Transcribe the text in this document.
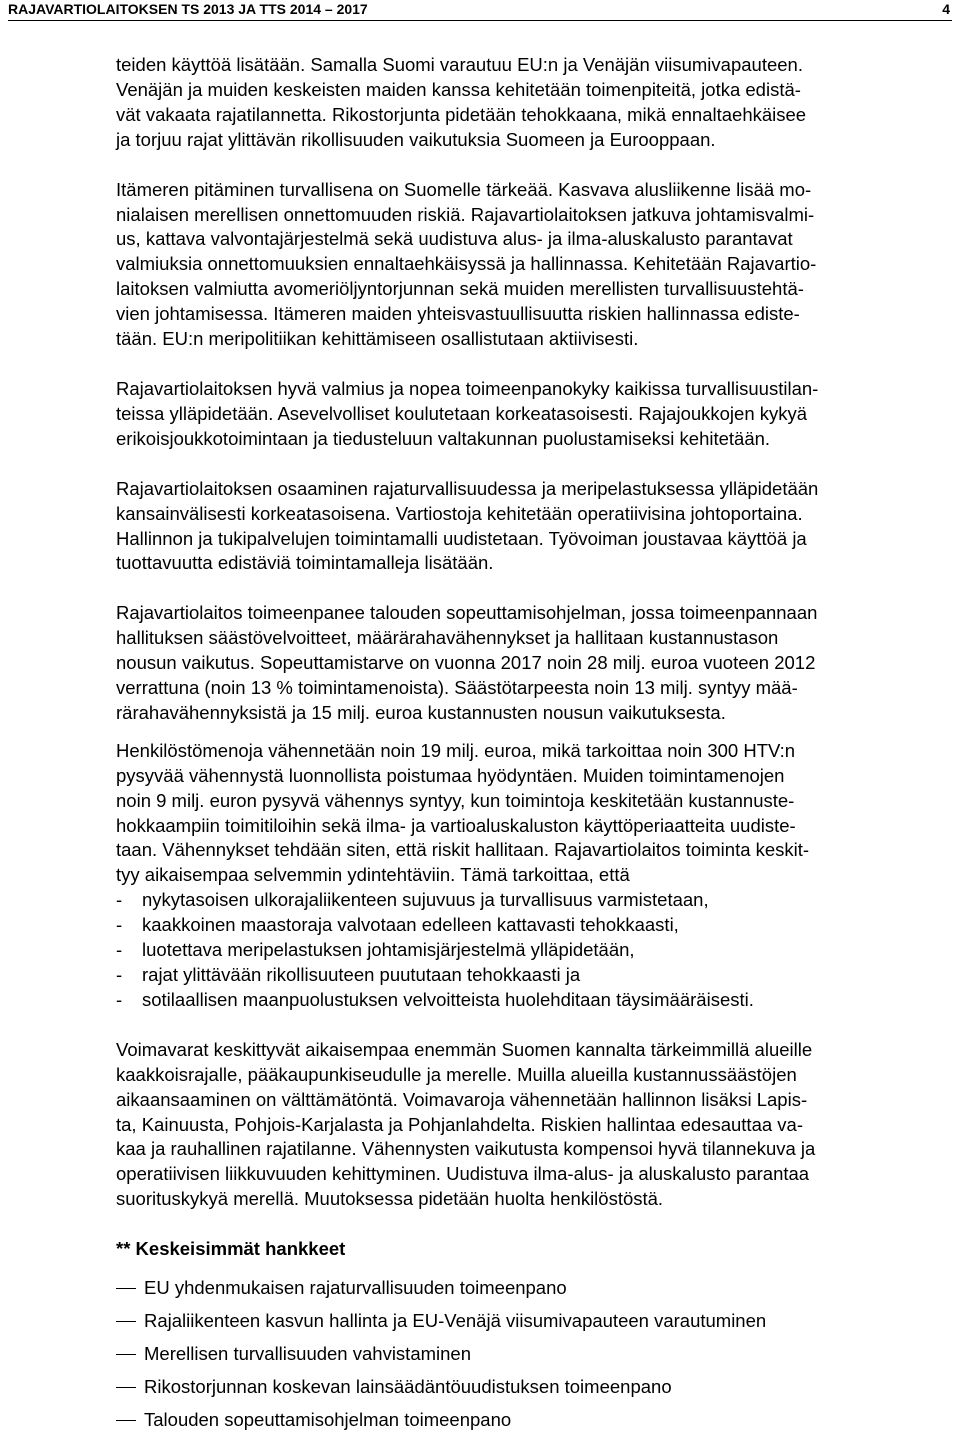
RAJAVARTIOLAITOKSEN TS 2013 JA TTS 2014 – 2017	4

teiden käyttöä lisätään. Samalla Suomi varautuu EU:n ja Venäjän viisumivapauteen.
Venäjän ja muiden keskeisten maiden kanssa kehitetään toimenpiteitä, jotka edistä-
vät vakaata rajatilannetta. Rikostorjunta pidetään tehokkaana, mikä ennaltaehkäisee
ja torjuu rajat ylittävän rikollisuuden vaikutuksia Suomeen ja Eurooppaan.

Itämeren pitäminen turvallisena on Suomelle tärkeää. Kasvava alusliikenne lisää mo-
nialaisen merellisen onnettomuuden riskiä. Rajavartiolaitoksen jatkuva johtamisvalmi-
us, kattava valvontajärjestelmä sekä uudistuva alus- ja ilma-aluskalusto parantavat
valmiuksia onnettomuuksien ennaltaehkäisyssä ja hallinnassa. Kehitetään Rajavartio-
laitoksen valmiutta avomeriöljyntorjunnan sekä muiden merellisten turvallisuustehtä-
vien johtamisessa. Itämeren maiden yhteisvastuullisuutta riskien hallinnassa ediste-
tään. EU:n meripolitiikan kehittämiseen osallistutaan aktiivisesti.

Rajavartiolaitoksen hyvä valmius ja nopea toimeenpanokyky kaikissa turvallisuustilan-
teissa ylläpidetään. Asevelvolliset koulutetaan korkeatasoisesti. Rajajoukkojen kykyä
erikoisjoukkotoimintaan ja tiedusteluun valtakunnan puolustamiseksi kehitetään.

Rajavartiolaitoksen osaaminen rajaturvallisuudessa ja meripelastuksessa ylläpidetään
kansainvälisesti korkeatasoisena. Vartiostoja kehitetään operatiivisina johtoportaina.
Hallinnon ja tukipalvelujen toimintamalli uudistetaan. Työvoiman joustavaa käyttöä ja
tuottavuutta edistäviä toimintamalleja lisätään.

Rajavartiolaitos toimeenpanee talouden sopeuttamisohjelman, jossa toimeenpannaan
hallituksen säästövelvoitteet, määrärahavähennykset ja hallitaan kustannustason
nousun vaikutus. Sopeuttamistarve on vuonna 2017 noin 28 milj. euroa vuoteen 2012
verrattuna (noin 13 % toimintamenoista). Säästötarpeesta noin 13 milj. syntyy mää-
rärahavähennyksistä ja 15 milj. euroa kustannusten nousun vaikutuksesta.

Henkilöstömenoja vähennetään noin 19 milj. euroa, mikä tarkoittaa noin 300 HTV:n
pysyvää vähennystä luonnollista poistumaa hyödyntäen. Muiden toimintamenojen
noin 9 milj. euron pysyvä vähennys syntyy, kun toimintoja keskitetään kustannuste-
hokkaampiin toimitiloihin sekä ilma- ja vartioaluskaluston käyttöperiaatteita uudiste-
taan. Vähennykset tehdään siten, että riskit hallitaan. Rajavartiolaitos toiminta keskit-
tyy aikaisempaa selvemmin ydintehtäviin. Tämä tarkoittaa, että

- nykytasoisen ulkorajaliikenteen sujuvuus ja turvallisuus varmistetaan,
- kaakkoinen maastoraja valvotaan edelleen kattavasti tehokkaasti,
- luotettava meripelastuksen johtamisjärjestelmä ylläpidetään,
- rajat ylittävään rikollisuuteen puututaan tehokkaasti ja
- sotilaallisen maanpuolustuksen velvoitteista huolehditaan täysimääräisesti.

Voimavarat keskittyvät aikaisempaa enemmän Suomen kannalta tärkeimmillä alueille
kaakkoisrajalle, pääkaupunkiseudulle ja merelle. Muilla alueilla kustannussäästöjen
aikaansaaminen on välttämätöntä. Voimavaroja vähennetään hallinnon lisäksi Lapis-
ta, Kainuusta, Pohjois-Karjalasta ja Pohjanlahdelta. Riskien hallintaa edesauttaa va-
kaa ja rauhallinen rajatilanne. Vähennysten vaikutusta kompensoi hyvä tilannekuva ja
operatiivisen liikkuvuuden kehittyminen. Uudistuva ilma-alus- ja aluskalusto parantaa
suorituskykyä merellä. Muutoksessa pidetään huolta henkilöstöstä.

** Keskeisimmät hankkeet
EU yhdenmukaisen rajaturvallisuuden toimeenpano
Rajaliikenteen kasvun hallinta ja EU-Venäjä viisumivapauteen varautuminen
Merellisen turvallisuuden vahvistaminen
Rikostorjunnan koskevan lainsäädäntöuudistuksen toimeenpano
Talouden sopeuttamisohjelman toimeenpano
